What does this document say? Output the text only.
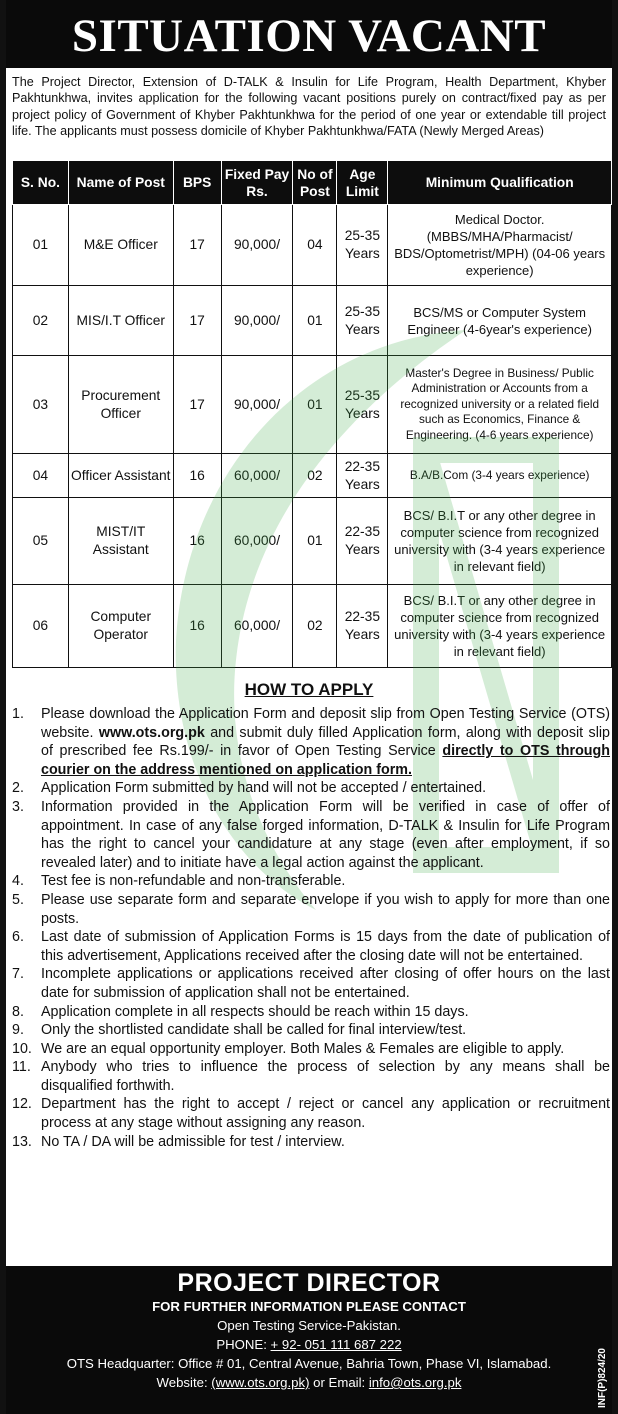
SITUATION VACANT
The Project Director, Extension of D-TALK & Insulin for Life Program, Health Department, Khyber Pakhtunkhwa, invites application for the following vacant positions purely on contract/fixed pay as per project policy of Government of Khyber Pakhtunkhwa for the period of one year or extendable till project life. The applicants must possess domicile of Khyber Pakhtunkhwa/FATA (Newly Merged Areas)
S. No.	Name of Post	BPS	Fixed Pay Rs.	No of Post	Age Limit	Minimum Qualification
01	M&E Officer	17	90,000/	04	25-35 Years	Medical Doctor. (MBBS/MHA/Pharmacist/ BDS/Optometrist/MPH) (04-06 years experience)
02	MIS/I.T Officer	17	90,000/	01	25-35 Years	BCS/MS or Computer System Engineer (4-6year's experience)
03	Procurement Officer	17	90,000/	01	25-35 Years	Master's Degree in Business/ Public Administration or Accounts from a recognized university or a related field such as Economics, Finance & Engineering. (4-6 years experience)
04	Officer Assistant	16	60,000/	02	22-35 Years	B.A/B.Com (3-4 years experience)
05	MIST/IT Assistant	16	60,000/	01	22-35 Years	BCS/ B.I.T or any other degree in computer science from recognized university with (3-4 years experience in relevant field)
06	Computer Operator	16	60,000/	02	22-35 Years	BCS/ B.I.T or any other degree in computer science from recognized university with (3-4 years experience in relevant field)
HOW TO APPLY
1. Please download the Application Form and deposit slip from Open Testing Service (OTS) website. www.ots.org.pk and submit duly filled Application form, along with deposit slip of prescribed fee Rs.199/- in favor of Open Testing Service directly to OTS through courier on the address mentioned on application form.
2. Application Form submitted by hand will not be accepted / entertained.
3. Information provided in the Application Form will be verified in case of offer of appointment. In case of any false forged information, D-TALK & Insulin for Life Program has the right to cancel your candidature at any stage (even after employment, if so revealed later) and to initiate have a legal action against the applicant.
4. Test fee is non-refundable and non-transferable.
5. Please use separate form and separate envelope if you wish to apply for more than one posts.
6. Last date of submission of Application Forms is 15 days from the date of publication of this advertisement, Applications received after the closing date will not be entertained.
7. Incomplete applications or applications received after closing of offer hours on the last date for submission of application shall not be entertained.
8. Application complete in all respects should be reach within 15 days.
9. Only the shortlisted candidate shall be called for final interview/test.
10. We are an equal opportunity employer. Both Males & Females are eligible to apply.
11. Anybody who tries to influence the process of selection by any means shall be disqualified forthwith.
12. Department has the right to accept / reject or cancel any application or recruitment process at any stage without assigning any reason.
13. No TA / DA will be admissible for test / interview.
PROJECT DIRECTOR
FOR FURTHER INFORMATION PLEASE CONTACT
Open Testing Service-Pakistan.
PHONE: + 92- 051 111 687 222
OTS Headquarter: Office # 01, Central Avenue, Bahria Town, Phase VI, Islamabad.
Website: (www.ots.org.pk) or Email: info@ots.org.pk	INF(P)824/20
